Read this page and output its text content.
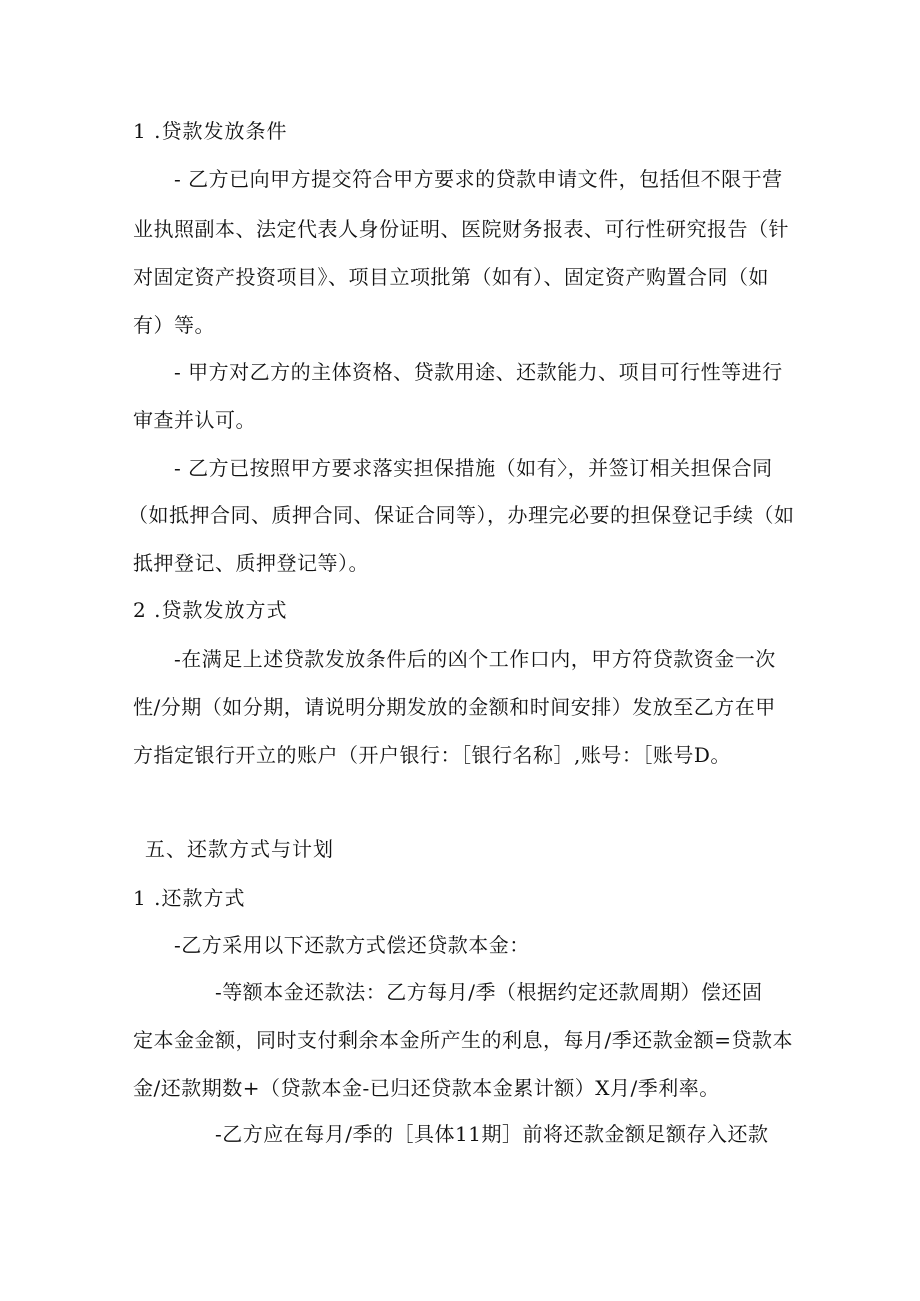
1 .贷款发放条件
- 乙方已向甲方提交符合甲方要求的贷款申请文件，包括但不限于营
业执照副本、法定代表人身份证明、医院财务报表、可行性研究报告（针
对固定资产投资项目》、项目立项批第（如有）、固定资产购置合同（如
有）等。
- 甲方对乙方的主体资格、贷款用途、还款能力、项目可行性等进行
审查并认可。
- 乙方已按照甲方要求落实担保措施（如有〉，并签订相关担保合同
（如抵押合同、质押合同、保证合同等），办理完必要的担保登记手续（如
抵押登记、质押登记等）。
2 .贷款发放方式
-在满足上述贷款发放条件后的凶个工作口内，甲方符贷款资金一次
性/分期（如分期，请说明分期发放的金额和时间安排）发放至乙方在甲
方指定银行开立的账户（开户银行：［银行名称］,账号：［账号D。
五、还款方式与计划
1 .还款方式
-乙方采用以下还款方式偿还贷款本金：
-等额本金还款法：乙方每月/季（根据约定还款周期）偿还固
定本金金额，同时支付剩余本金所产生的利息，每月/季还款金额=贷款本
金/还款期数+（贷款本金-已归还贷款本金累计额）X月/季利率。
-乙方应在每月/季的［具体11期］前将还款金额足额存入还款
